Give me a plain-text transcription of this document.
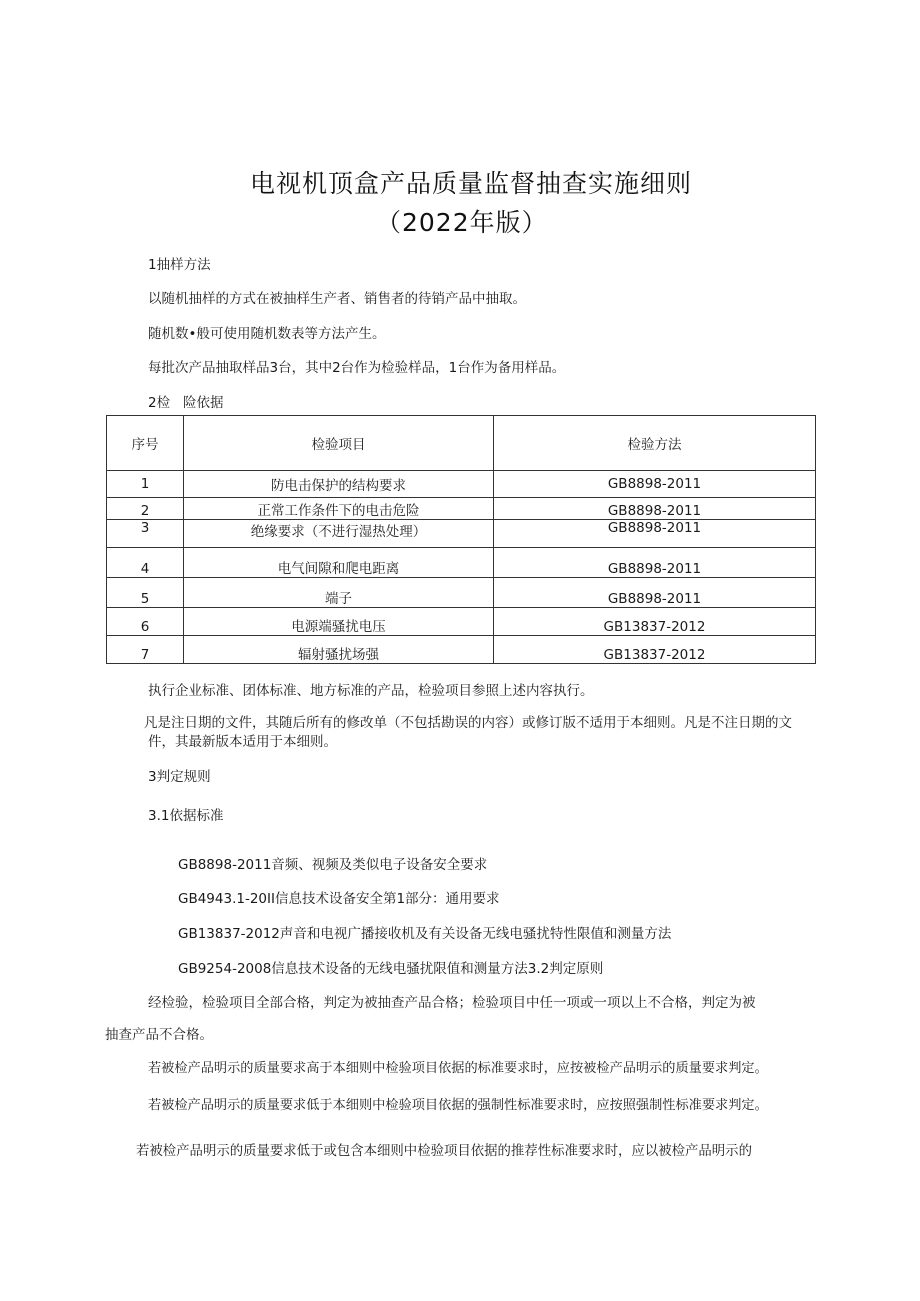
电视机顶盒产品质量监督抽查实施细则
（2022年版）
1抽样方法
以随机抽样的方式在被抽样生产者、销售者的待销产品中抽取。
随机数•般可使用随机数表等方法产生。
每批次产品抽取样品3台，其中2台作为检验样品，1台作为备用样品。
2检 险依据
序号	检验项目	检验方法
1	防电击保护的结构要求	GB8898-2011
2	正常工作条件下的电击危险	GB8898-2011
3	绝缘要求（不进行湿热处理）	GB8898-2011
4	电气间隙和爬电距离	GB8898-2011
5	端子	GB8898-2011
6	电源端骚扰电压	GB13837-2012
7	辐射骚扰场强	GB13837-2012
执行企业标准、团体标准、地方标准的产品，检验项目参照上述内容执行。
凡是注日期的文件，其随后所有的修改单（不包括勘误的内容）或修订版不适用于本细则。凡是不注日期的文件，其最新版本适用于本细则。
3判定规则
3.1依据标准
GB8898-2011音频、视频及类似电子设备安全要求
GB4943.1-20II信息技术设备安全第1部分：通用要求
GB13837-2012声音和电视广播接收机及有关设备无线电骚扰特性限值和测量方法
GB9254-2008信息技术设备的无线电骚扰限值和测量方法3.2判定原则
经检验，检验项目全部合格，判定为被抽查产品合格；检验项目中任一项或一项以上不合格，判定为被
抽查产品不合格。
若被检产品明示的质量要求高于本细则中检验项目依据的标准要求时，应按被检产品明示的质量要求判定。
若被检产品明示的质量要求低于本细则中检验项目依据的强制性标准要求时，应按照强制性标准要求判定。
若被检产品明示的质量要求低于或包含本细则中检验项目依据的推荐性标准要求时，应以被检产品明示的
